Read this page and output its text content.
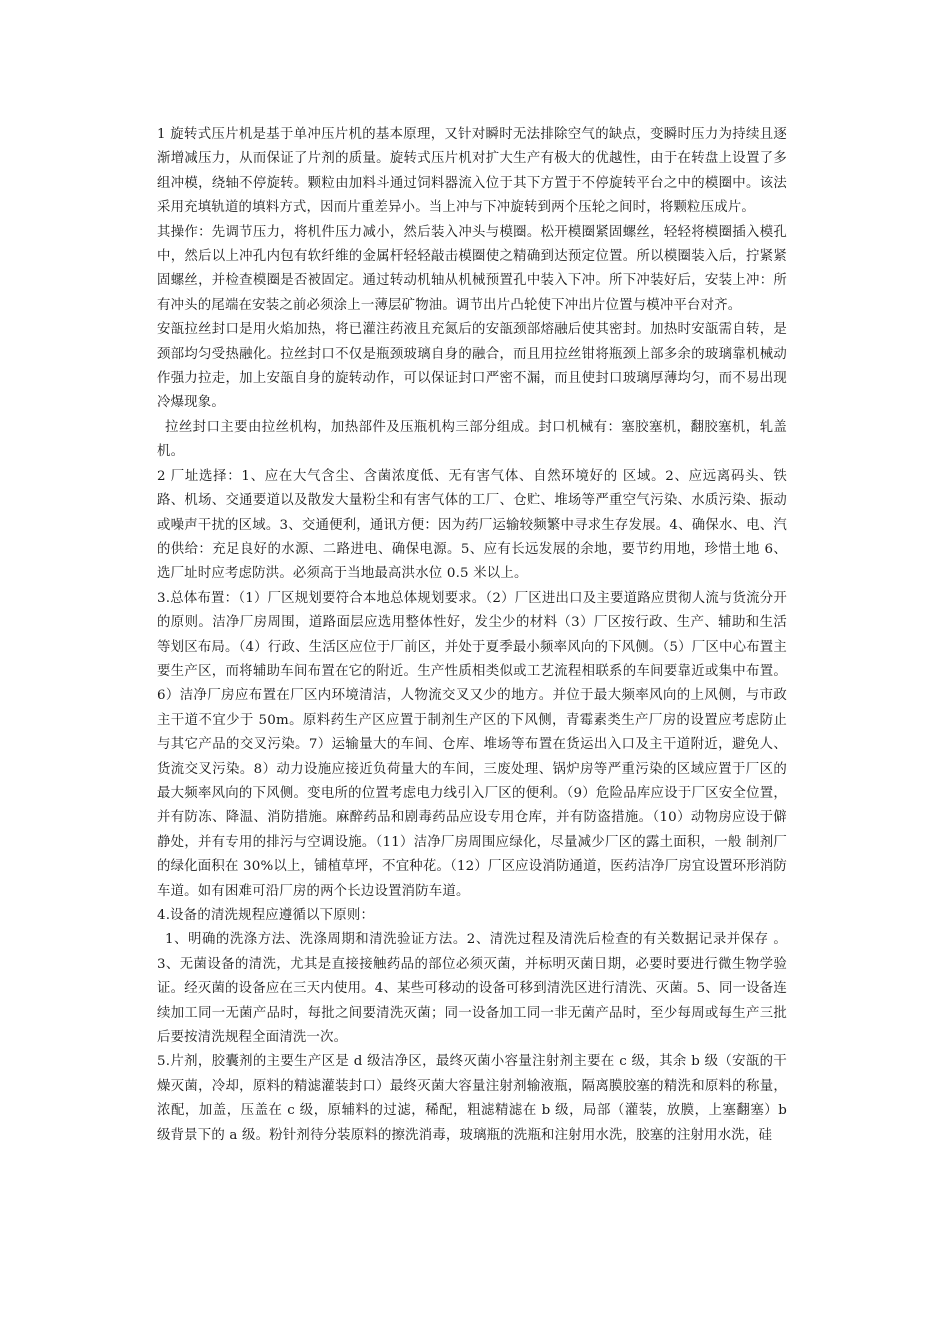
1 旋转式压片机是基于单冲压片机的基本原理，又针对瞬时无法排除空气的缺点，变瞬时压力为持续且逐渐增减压力，从而保证了片剂的质量。旋转式压片机对扩大生产有极大的优越性，由于在转盘上设置了多组冲模，绕轴不停旋转。颗粒由加料斗通过饲料器流入位于其下方置于不停旋转平台之中的模圈中。该法采用充填轨道的填料方式，因而片重差异小。当上冲与下冲旋转到两个压轮之间时，将颗粒压成片。

其操作：先调节压力，将机件压力减小，然后装入冲头与模圈。松开模圈紧固螺丝，轻轻将模圈插入模孔中，然后以上冲孔内包有软纤维的金属杆轻轻敲击模圈使之精确到达预定位置。所以模圈装入后，拧紧紧固螺丝，并检查模圈是否被固定。通过转动机轴从机械预置孔中装入下冲。所下冲装好后，安装上冲：所有冲头的尾端在安装之前必须涂上一薄层矿物油。调节出片凸轮使下冲出片位置与模冲平台对齐。

安瓿拉丝封口是用火焰加热，将已灌注药液且充氮后的安瓿颈部熔融后使其密封。加热时安瓿需自转，是颈部均匀受热融化。拉丝封口不仅是瓶颈玻璃自身的融合，而且用拉丝钳将瓶颈上部多余的玻璃靠机械动作强力拉走，加上安瓿自身的旋转动作，可以保证封口严密不漏，而且使封口玻璃厚薄均匀，而不易出现冷爆现象。

拉丝封口主要由拉丝机构，加热部件及压瓶机构三部分组成。封口机械有：塞胶塞机，翻胶塞机，轧盖机。

2 厂址选择：1、应在大气含尘、含菌浓度低、无有害气体、自然环境好的 区域。2、应远离码头、铁路、机场、交通要道以及散发大量粉尘和有害气体的工厂、仓贮、堆场等严重空气污染、水质污染、振动或噪声干扰的区域。3、交通便利，通讯方便：因为药厂运输较频繁中寻求生存发展。4、确保水、电、汽的供给：充足良好的水源、二路进电、确保电源。5、应有长远发展的余地，要节约用地，珍惜土地 6、选厂址时应考虑防洪。必须高于当地最高洪水位 0.5 米以上。

3.总体布置：（1）厂区规划要符合本地总体规划要求。（2）厂区进出口及主要道路应贯彻人流与货流分开的原则。洁净厂房周围，道路面层应选用整体性好，发尘少的材料（3）厂区按行政、生产、辅助和生活等划区布局。（4）行政、生活区应位于厂前区，并处于夏季最小频率风向的下风侧。（5）厂区中心布置主要生产区，而将辅助车间布置在它的附近。生产性质相类似或工艺流程相联系的车间要靠近或集中布置。6）洁净厂房应布置在厂区内环境清洁，人物流交叉又少的地方。并位于最大频率风向的上风侧，与市政主干道不宜少于 50m。原料药生产区应置于制剂生产区的下风侧，青霉素类生产厂房的设置应考虑防止与其它产品的交叉污染。7）运输量大的车间、仓库、堆场等布置在货运出入口及主干道附近，避免人、货流交叉污染。8）动力设施应接近负荷量大的车间，三废处理、锅炉房等严重污染的区域应置于厂区的最大频率风向的下风侧。变电所的位置考虑电力线引入厂区的便利。（9）危险品库应设于厂区安全位置，并有防冻、降温、消防措施。麻醉药品和剧毒药品应设专用仓库，并有防盗措施。（10）动物房应设于僻静处，并有专用的排污与空调设施。（11）洁净厂房周围应绿化，尽量减少厂区的露土面积，一般 制剂厂的绿化面积在 30%以上，铺植草坪，不宜种花。（12）厂区应设消防通道，医药洁净厂房宜设置环形消防车道。如有困难可沿厂房的两个长边设置消防车道。

4.设备的清洗规程应遵循以下原则：

1、明确的洗涤方法、洗涤周期和清洗验证方法。2、清洗过程及清洗后检查的有关数据记录并保存 。3、无菌设备的清洗，尤其是直接接触药品的部位必须灭菌，并标明灭菌日期，必要时要进行微生物学验证。经灭菌的设备应在三天内使用。4、某些可移动的设备可移到清洗区进行清洗、灭菌。5、同一设备连续加工同一无菌产品时，每批之间要清洗灭菌；同一设备加工同一非无菌产品时，至少每周或每生产三批后要按清洗规程全面清洗一次。

5.片剂，胶囊剂的主要生产区是 d 级洁净区，最终灭菌小容量注射剂主要在 c 级，其余 b 级（安瓿的干燥灭菌，冷却，原料的精滤灌装封口）最终灭菌大容量注射剂输液瓶，隔离膜胶塞的精洗和原料的称量，浓配，加盖，压盖在 c 级，原辅料的过滤，稀配，粗滤精滤在 b 级，局部（灌装，放膜，上塞翻塞）b 级背景下的 a 级。粉针剂待分装原料的擦洗消毒，玻璃瓶的洗瓶和注射用水洗，胶塞的注射用水洗，硅
